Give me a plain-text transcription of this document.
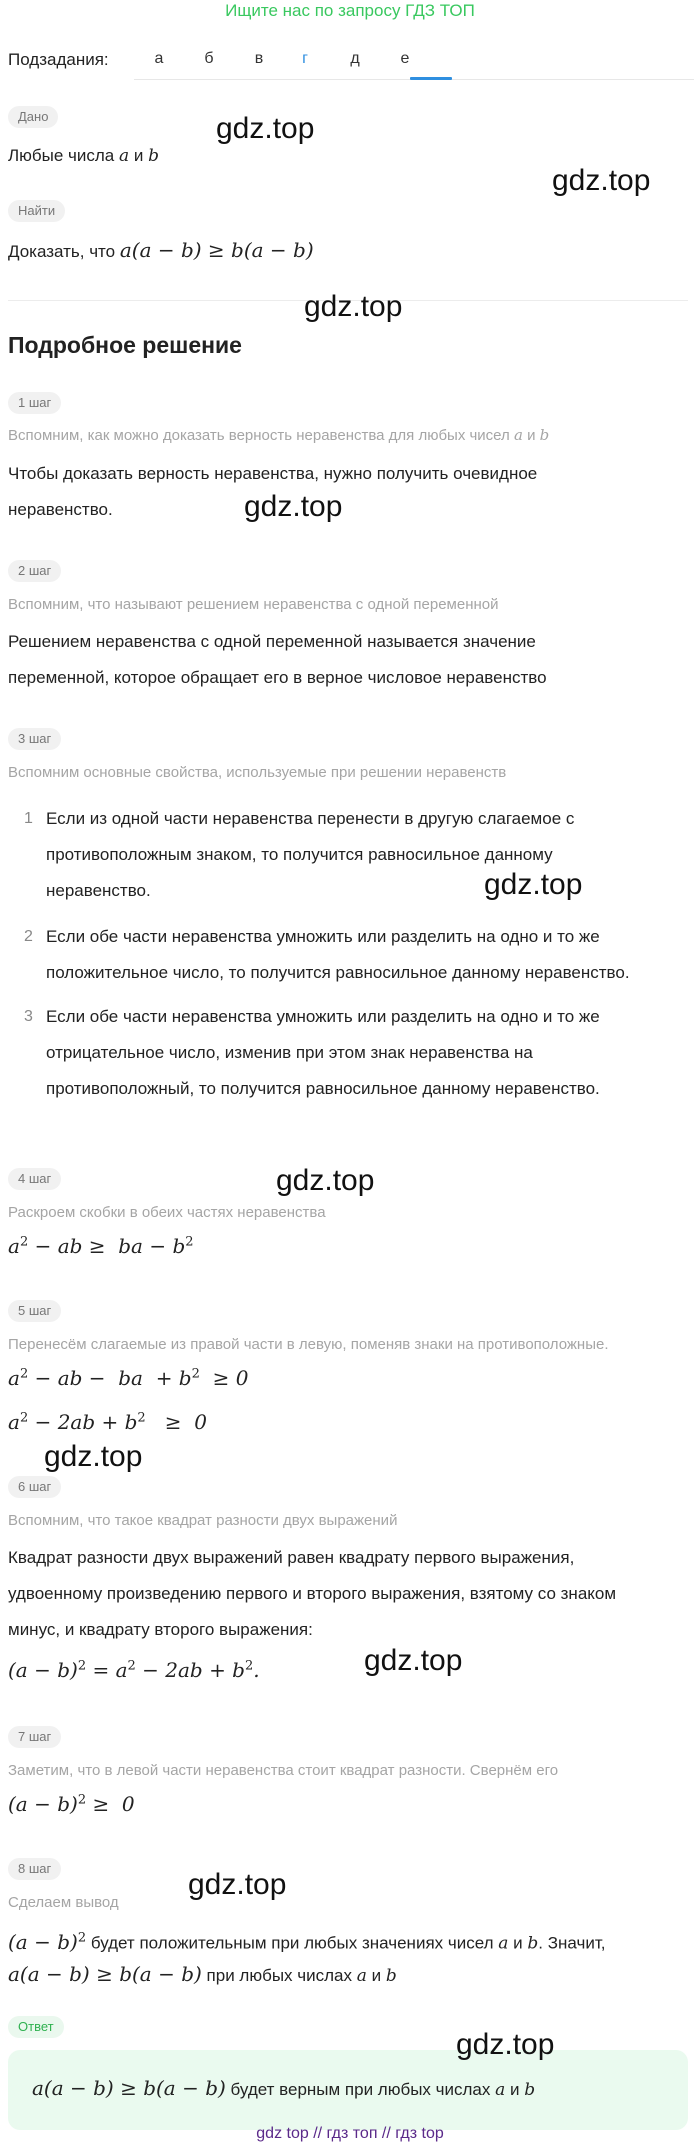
Ищите нас по запросу ГДЗ ТОП
Подзадания:	а	б	в	г	д	е
Дано
Любые числа a и b
Найти
Доказать, что a(a − b) ≥ b(a − b)
Подробное решение
1 шаг
Вспомним, как можно доказать верность неравенства для любых чисел a и b
Чтобы доказать верность неравенства, нужно получить очевидное
неравенство.
2 шаг
Вспомним, что называют решением неравенства с одной переменной
Решением неравенства с одной переменной называется значение
переменной, которое обращает его в верное числовое неравенство
3 шаг
Вспомним основные свойства, используемые при решении неравенств
1 Если из одной части неравенства перенести в другую слагаемое с
противоположным знаком, то получится равносильное данному
неравенство.
2 Если обе части неравенства умножить или разделить на одно и то же
положительное число, то получится равносильное данному неравенство.
3 Если обе части неравенства умножить или разделить на одно и то же
отрицательное число, изменив при этом знак неравенства на
противоположный, то получится равносильное данному неравенство.
4 шаг
Раскроем скобки в обеих частях неравенства
$a^2$ − ab ≥  ba − $b^2$
5 шаг
Перенесём слагаемые из правой части в левую, поменяв знаки на противоположные.
$a^2$ − ab −  ba  + $b^2 \ge 0$
$a^2 - 2ab + b^2 \ge 0$
6 шаг
Вспомним, что такое квадрат разности двух выражений
Квадрат разности двух выражений равен квадрату первого выражения,
удвоенному произведению первого и второго выражения, взятому со знаком
минус, и квадрату второго выражения:
$(a - b)^2 = a^2 - 2ab + b^2$.
7 шаг
Заметим, что в левой части неравенства стоит квадрат разности. Свернём его
$(a - b)^2 \ge 0$
8 шаг
Сделаем вывод
$(a - b)^2$ будет положительным при любых значениях чисел a и b. Значит,
a(a − b) ≥ b(a − b) при любых числах a и b
Ответ
a(a − b) ≥ b(a − b) будет верным при любых числах a и b
gdz.top
gdz.top
gdz.top
gdz.top
gdz.top
gdz.top
gdz.top
gdz.top
gdz.top
gdz.top
gdz top // гдз топ // гдз top
